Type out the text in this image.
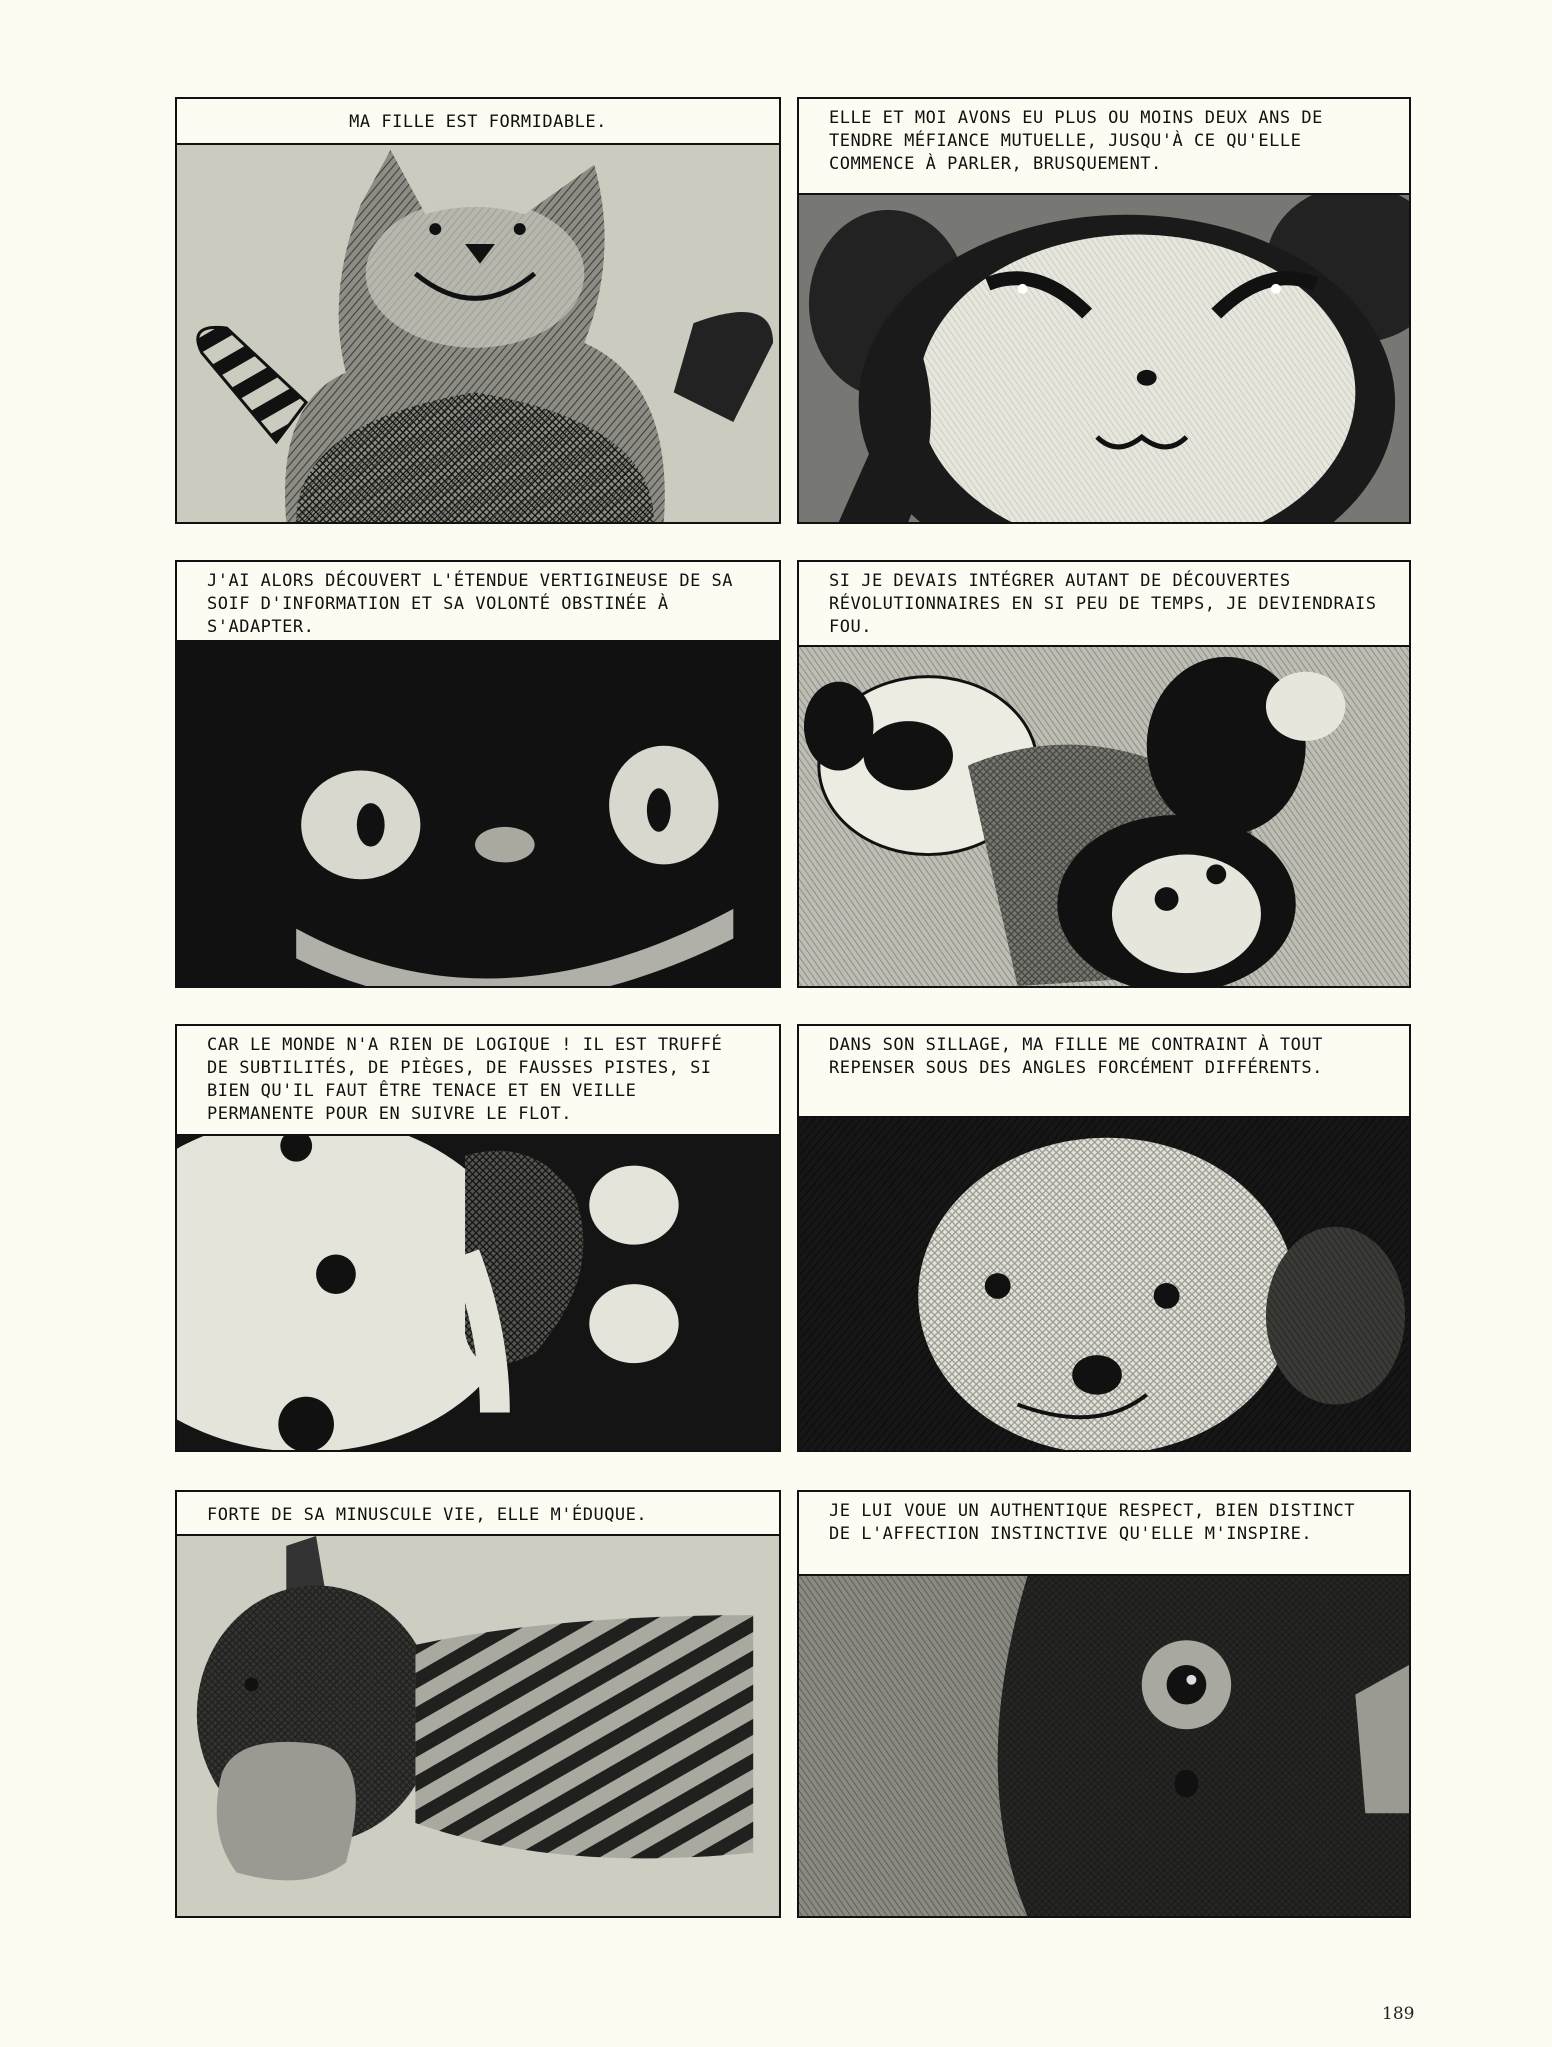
MA FILLE EST FORMIDABLE.	ELLE ET MOI AVONS EU PLUS OU MOINS DEUX ANS DE TENDRE MÉFIANCE MUTUELLE, JUSQU'À CE QU'ELLE COMMENCE À PARLER, BRUSQUEMENT.
J'AI ALORS DÉCOUVERT L'ÉTENDUE VERTIGINEUSE DE SA SOIF D'INFORMATION ET SA VOLONTÉ OBSTINÉE À S'ADAPTER.
SI JE DEVAIS INTÉGRER AUTANT DE DÉCOUVERTES RÉVOLUTIONNAIRES EN SI PEU DE TEMPS, JE DEVIENDRAIS FOU.
CAR LE MONDE N'A RIEN DE LOGIQUE ! IL EST TRUFFÉ DE SUBTILITÉS, DE PIÈGES, DE FAUSSES PISTES, SI BIEN QU'IL FAUT ÊTRE TENACE ET EN VEILLE PERMANENTE POUR EN SUIVRE LE FLOT.
DANS SON SILLAGE, MA FILLE ME CONTRAINT À TOUT REPENSER SOUS DES ANGLES FORCÉMENT DIFFÉRENTS.
FORTE DE SA MINUSCULE VIE, ELLE M'ÉDUQUE.	JE LUI VOUE UN AUTHENTIQUE RESPECT, BIEN DISTINCT DE L'AFFECTION INSTINCTIVE QU'ELLE M'INSPIRE.
189
